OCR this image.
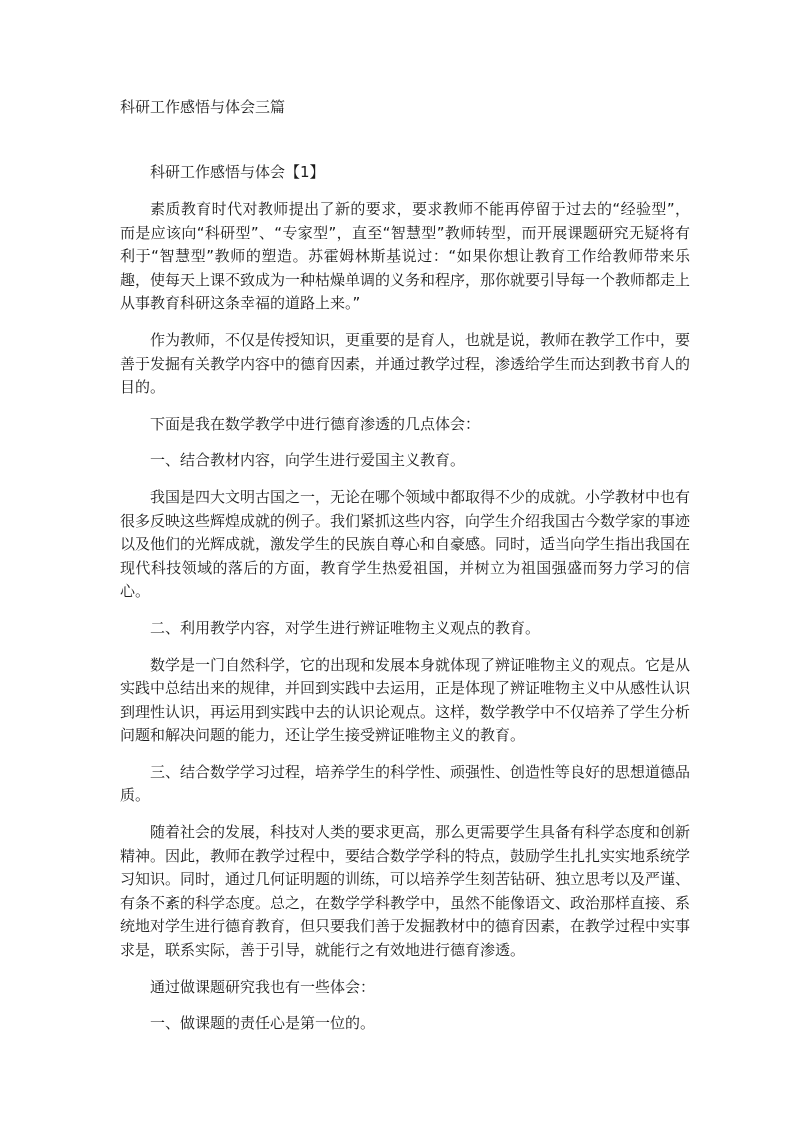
科研工作感悟与体会三篇
科研工作感悟与体会【1】

素质教育时代对教师提出了新的要求，要求教师不能再停留于过去的“经验型”，而是应该向“科研型”、“专家型”，直至“智慧型”教师转型，而开展课题研究无疑将有利于“智慧型”教师的塑造。苏霍姆林斯基说过：“如果你想让教育工作给教师带来乐趣，使每天上课不致成为一种枯燥单调的义务和程序，那你就要引导每一个教师都走上从事教育科研这条幸福的道路上来。”

作为教师，不仅是传授知识，更重要的是育人，也就是说，教师在教学工作中，要善于发掘有关教学内容中的德育因素，并通过教学过程，渗透给学生而达到教书育人的目的。

下面是我在数学教学中进行德育渗透的几点体会：

一、结合教材内容，向学生进行爱国主义教育。

我国是四大文明古国之一，无论在哪个领域中都取得不少的成就。小学教材中也有很多反映这些辉煌成就的例子。我们紧抓这些内容，向学生介绍我国古今数学家的事迹以及他们的光辉成就，激发学生的民族自尊心和自豪感。同时，适当向学生指出我国在现代科技领域的落后的方面，教育学生热爱祖国，并树立为祖国强盛而努力学习的信心。

二、利用教学内容，对学生进行辨证唯物主义观点的教育。

数学是一门自然科学，它的出现和发展本身就体现了辨证唯物主义的观点。它是从实践中总结出来的规律，并回到实践中去运用，正是体现了辨证唯物主义中从感性认识到理性认识，再运用到实践中去的认识论观点。这样，数学教学中不仅培养了学生分析问题和解决问题的能力，还让学生接受辨证唯物主义的教育。

三、结合数学学习过程，培养学生的科学性、顽强性、创造性等良好的思想道德品质。

随着社会的发展，科技对人类的要求更高，那么更需要学生具备有科学态度和创新精神。因此，教师在教学过程中，要结合数学学科的特点，鼓励学生扎扎实实地系统学习知识。同时，通过几何证明题的训练，可以培养学生刻苦钻研、独立思考以及严谨、有条不紊的科学态度。总之，在数学学科教学中，虽然不能像语文、政治那样直接、系统地对学生进行德育教育，但只要我们善于发掘教材中的德育因素，在教学过程中实事求是，联系实际，善于引导，就能行之有效地进行德育渗透。

通过做课题研究我也有一些体会：

一、做课题的责任心是第一位的。
